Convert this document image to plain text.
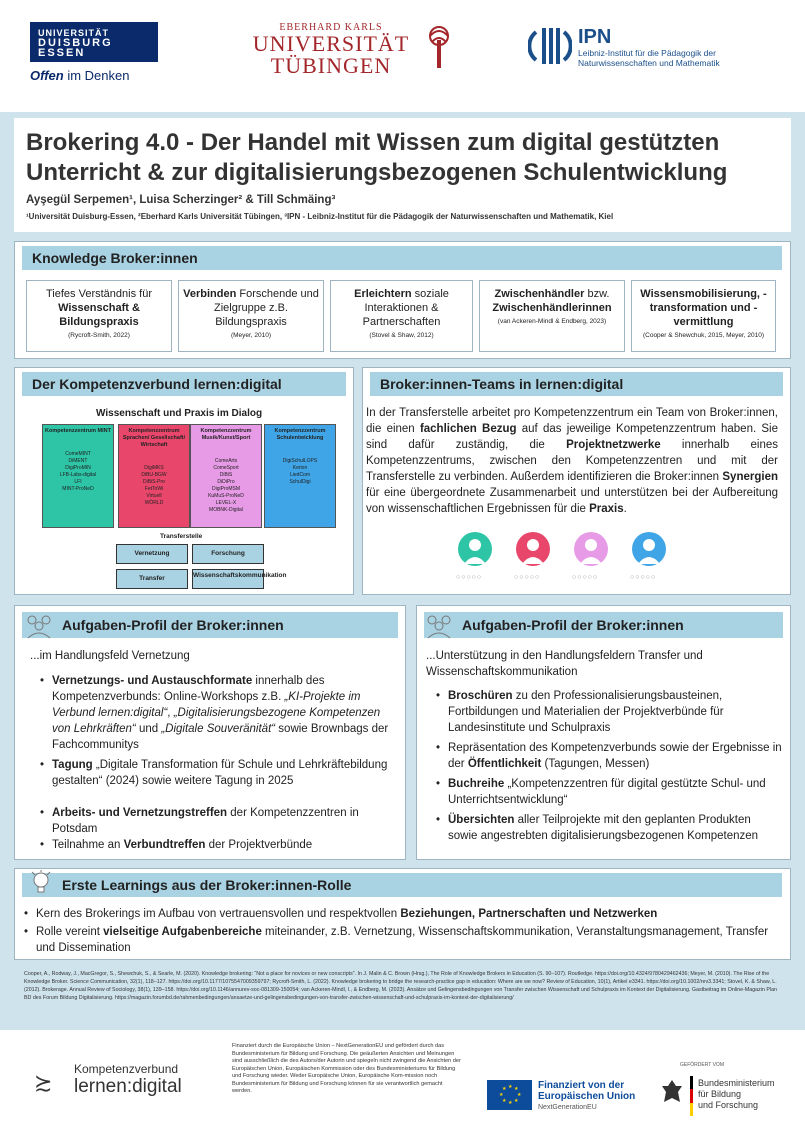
UNIVERSITÄT
DUISBURG
ESSEN
Offen im Denken
EBERHARD KARLS
UNIVERSITÄT
TÜBINGEN
IPN
Leibniz-Institut für die Pädagogik der Naturwissenschaften und Mathematik
Brokering 4.0 - Der Handel mit Wissen zum digital gestützten
Unterricht & zur digitalisierungsbezogenen Schulentwicklung
Ayşegül Serpemen¹, Luisa Scherzinger² & Till Schmäing³
¹Universität Duisburg-Essen, ²Eberhard Karls Universität Tübingen, ³IPN - Leibniz-Institut für die Pädagogik der Naturwissenschaften und Mathematik, Kiel
Knowledge Broker:innen
Tiefes Verständnis für Wissenschaft & Bildungspraxis
(Rycroft-Smith, 2022)
Verbinden Forschende und Zielgruppe z.B. Bildungspraxis
(Meyer, 2010)
Erleichtern soziale Interaktionen & Partnerschaften
(Stovel & Shaw, 2012)
Zwischenhändler bzw. Zwischenhändlerinnen
(van Ackeren-Mindl & Endberg, 2023)
Wissensmobilisierung, -transformation und -vermittlung
(Cooper & Shewchuk, 2015, Meyer, 2010)
Der Kompetenzverbund lernen:digital
Wissenschaft und Praxis im Dialog
Kompetenzzentrum MINT
ComeMINT
DiMENT
DigiProMIN
LFB-Labs-digital
LFI
MINT-ProNeD
Kompetenzzentrum Sprachen/ Gesellschaft/ Wirtschaft
DigiMKS
DiBU-BGW
DiBiS-Pro
FetToWi
Virtuell
WÖRLD
Kompetenzzentrum Musik/Kunst/Sport
ComeArts
ComeSport
DiBiS
DiDiPro
DigiProMSM
KuMuS-ProNeD
LEVEL-X
MOBNK-Digital
Kompetenzzentrum Schulentwicklung
DigiSchulLOPS
Kerion
LiedCom
SchulDigi
Transferstelle
Vernetzung	Forschung
Transfer	Wissenschaftskommunikation
Broker:innen-Teams in lernen:digital
In der Transferstelle arbeitet pro Kompetenzzentrum ein Team von Broker:innen, die einen fachlichen Bezug auf das jeweilige Kompetenzzentrum haben. Sie sind dafür zuständig, die Projektnetzwerke innerhalb eines Kompetenzzentrums, zwischen den Kompetenzzentren und mit der Transferstelle zu verbinden. Außerdem identifizieren die Broker:innen Synergien für eine übergeordnete Zusammenarbeit und unterstützen bei der Aufbereitung von wissenschaftlichen Ergebnissen für die Praxis.
○○○○○	○○○○○	○○○○○	○○○○○
Aufgaben-Profil der Broker:innen
...im Handlungsfeld Vernetzung
• Vernetzungs- und Austauschformate innerhalb des Kompetenzverbunds: Online-Workshops z.B. „KI-Projekte im Verbund lernen:digital“, „Digitalisierungsbezogene Kompetenzen von Lehrkräften“ und „Digitale Souveränität“ sowie Brownbags der Fachcommunitys
• Tagung „Digitale Transformation für Schule und Lehrkräftebildung gestalten“ (2024) sowie weitere Tagung in 2025
• Arbeits- und Vernetzungstreffen der Kompetenzzentren in Potsdam
• Teilnahme an Verbundtreffen der Projektverbünde
Aufgaben-Profil der Broker:innen
...Unterstützung in den Handlungsfeldern Transfer und Wissenschaftskommunikation
• Broschüren zu den Professionalisierungsbausteinen, Fortbildungen und Materialien der Projektverbünde für Landesinstitute und Schulpraxis
• Repräsentation des Kompetenzverbunds sowie der Ergebnisse in der Öffentlichkeit (Tagungen, Messen)
• Buchreihe „Kompetenzzentren für digital gestützte Schul- und Unterrichtsentwicklung“
• Übersichten aller Teilprojekte mit den geplanten Produkten sowie angestrebten digitalisierungsbezogenen Kompetenzen
Erste Learnings aus der Broker:innen-Rolle
• Kern des Brokerings im Aufbau von vertrauensvollen und respektvollen Beziehungen, Partnerschaften und Netzwerken
• Rolle vereint vielseitige Aufgabenbereiche miteinander, z.B. Vernetzung, Wissenschaftskommunikation, Veranstaltungsmanagement, Transfer und Dissemination
Cooper, A., Rodway, J., MacGregor, S., Shewchuk, S., & Searle, M. (2020). Knowledge brokering: “Not a place for novices or new conscripts”. In J. Malin & C. Brown (Hrsg.), The Role of Knowledge Brokers in Education (S. 90–107). Routledge. https://doi.org/10.4324/9780429462436; Meyer, M. (2010). The Rise of the Knowledge Broker. Science Communication, 32(1), 118–127. https://doi.org/10.1177/1075547009359797; Rycroft-Smith, L. (2022). Knowledge brokering to bridge the research-practice gap in education: Where are we now? Review of Education, 10(1), Artikel e3341. https://doi.org/10.1002/rev3.3341; Stovel, K. & Shaw, L. (2012). Brokerage. Annual Review of Sociology, 38(1), 139–158. https://doi.org/10.1146/annurev-soc-081309-150054; van Ackeren-Mindl, I., & Endberg, M. (2023). Ansätze und Gelingensbedingungen von Transfer zwischen Wissenschaft und Schulpraxis im Kontext der Digitalisierung. Gastbeitrag im Online-Magazin Plan BD des Forum Bildung Digitalisierung. https://magazin.forumbd.de/rahmenbedingungen/ansaetze-und-gelingensbedingungen-von-transfer-zwischen-wissenschaft-und-schulpraxis-im-kontext-der-digitalisierung/
≿
Kompetenzverbund
lernen:digital
Finanziert durch die Europäische Union – NextGenerationEU und gefördert durch das Bundesministerium für Bildung und Forschung. Die geäußerten Ansichten und Meinungen sind ausschließlich die des Autors/der Autorin und spiegeln nicht zwingend die Ansichten der Europäischen Union, Europäischen Kommission oder des Bundesministeriums für Bildung und Forschung wieder. Weder Europäische Union, Europäische Kom-mission noch Bundesministerium für Bildung und Forschung können für sie verantwortlich gemacht werden.
★ ★
★
★
★
★
★
★	Finanziert von der
Europäischen Union
NextGenerationEU
GEFÖRDERT VOM
Bundesministerium
für Bildung
und Forschung
